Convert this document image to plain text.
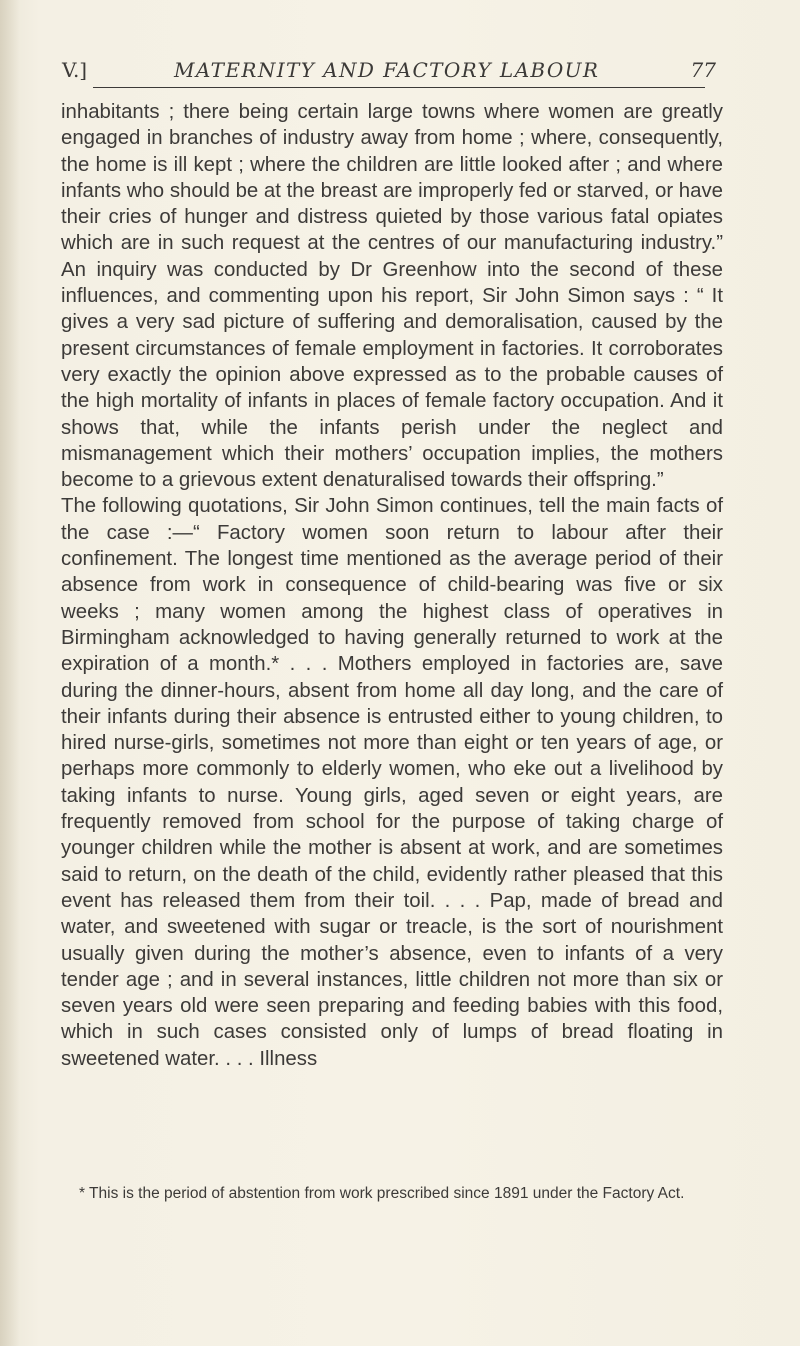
V.]	MATERNITY AND FACTORY LABOUR	77

inhabitants ; there being certain large towns where women are greatly engaged in branches of industry away from home ; where, consequently, the home is ill kept ; where the children are little looked after ; and where infants who should be at the breast are improperly fed or starved, or have their cries of hunger and distress quieted by those various fatal opiates which are in such request at the centres of our manufacturing industry.” An inquiry was conducted by Dr Greenhow into the second of these influences, and commenting upon his report, Sir John Simon says : “ It gives a very sad picture of suffering and demoralisation, caused by the present circumstances of female employment in factories. It corroborates very exactly the opinion above expressed as to the probable causes of the high mortality of infants in places of female factory occupation. And it shows that, while the infants perish under the neglect and mismanagement which their mothers’ occupation implies, the mothers become to a grievous extent denaturalised towards their offspring.”

The following quotations, Sir John Simon continues, tell the main facts of the case :—“ Factory women soon return to labour after their confinement. The longest time mentioned as the average period of their absence from work in consequence of child-bearing was five or six weeks ; many women among the highest class of operatives in Birmingham acknowledged to having generally returned to work at the expiration of a month.* . . . Mothers employed in factories are, save during the dinner-hours, absent from home all day long, and the care of their infants during their absence is entrusted either to young children, to hired nurse-girls, sometimes not more than eight or ten years of age, or perhaps more commonly to elderly women, who eke out a livelihood by taking infants to nurse. Young girls, aged seven or eight years, are frequently removed from school for the purpose of taking charge of younger children while the mother is absent at work, and are sometimes said to return, on the death of the child, evidently rather pleased that this event has released them from their toil. . . . Pap, made of bread and water, and sweetened with sugar or treacle, is the sort of nourishment usually given during the mother’s absence, even to infants of a very tender age ; and in several instances, little children not more than six or seven years old were seen preparing and feeding babies with this food, which in such cases consisted only of lumps of bread floating in sweetened water. . . . Illness

* This is the period of abstention from work prescribed since 1891 under the Factory Act.
